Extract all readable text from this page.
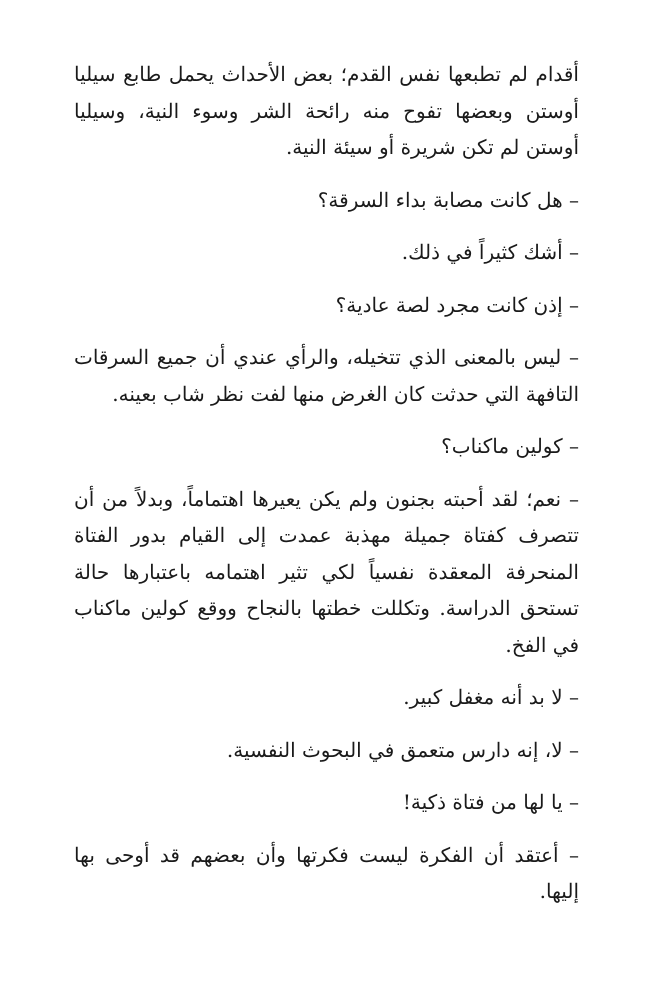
أقدام لم تطبعها نفس القدم؛ بعض الأحداث يحمل طابع سيليا أوستن وبعضها تفوح منه رائحة الشر وسوء النية، وسيليا أوستن لم تكن شريرة أو سيئة النية.

– هل كانت مصابة بداء السرقة؟

– أشك كثيراً في ذلك.

– إذن كانت مجرد لصة عادية؟

– ليس بالمعنى الذي تتخيله، والرأي عندي أن جميع السرقات التافهة التي حدثت كان الغرض منها لفت نظر شاب بعينه.

– كولين ماكناب؟

– نعم؛ لقد أحبته بجنون ولم يكن يعيرها اهتماماً، وبدلاً من أن تتصرف كفتاة جميلة مهذبة عمدت إلى القيام بدور الفتاة المنحرفة المعقدة نفسياً لكي تثير اهتمامه باعتبارها حالة تستحق الدراسة. وتكللت خطتها بالنجاح ووقع كولين ماكناب في الفخ.

– لا بد أنه مغفل كبير.

– لا، إنه دارس متعمق في البحوث النفسية.

– يا لها من فتاة ذكية!

– أعتقد أن الفكرة ليست فكرتها وأن بعضهم قد أوحى بها إليها.
